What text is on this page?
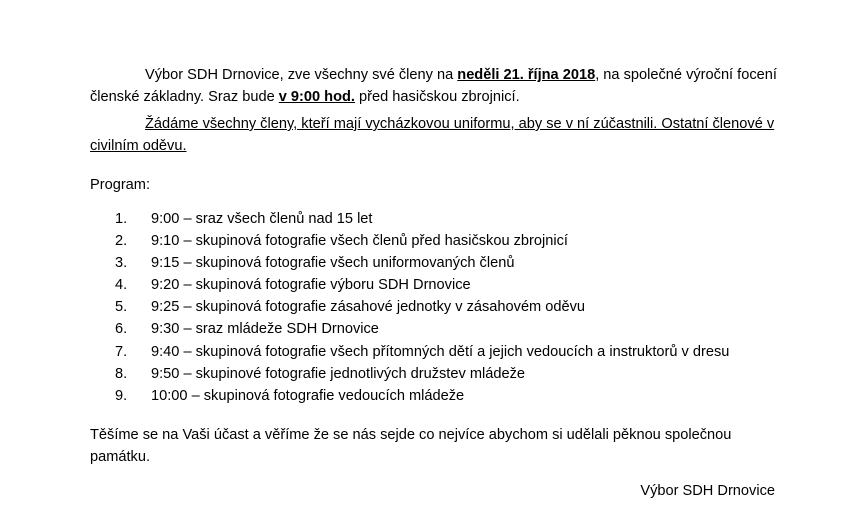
Výbor SDH Drnovice, zve všechny své členy na neděli 21. října 2018, na společné výroční focení členské základny. Sraz bude v 9:00 hod. před hasičskou zbrojnicí.

Žádáme všechny členy, kteří mají vycházkovou uniformu, aby se v ní zúčastnili. Ostatní členové v civilním oděvu.

Program:

1.	9:00 – sraz všech členů nad 15 let
2.	9:10 – skupinová fotografie všech členů před hasičskou zbrojnicí
3.	9:15 – skupinová fotografie všech uniformovaných členů
4.	9:20 – skupinová fotografie výboru SDH Drnovice
5.	9:25 – skupinová fotografie zásahové jednotky v zásahovém oděvu
6.	9:30 – sraz mládeže SDH Drnovice
7.	9:40 – skupinová fotografie všech přítomných dětí a jejich vedoucích a instruktorů v dresu
8.	9:50 – skupinové fotografie jednotlivých družstev mládeže
9.	10:00 – skupinová fotografie vedoucích mládeže

Těšíme se na Vaši účast a věříme že se nás sejde co nejvíce abychom si udělali pěknou společnou památku.

Výbor SDH Drnovice
